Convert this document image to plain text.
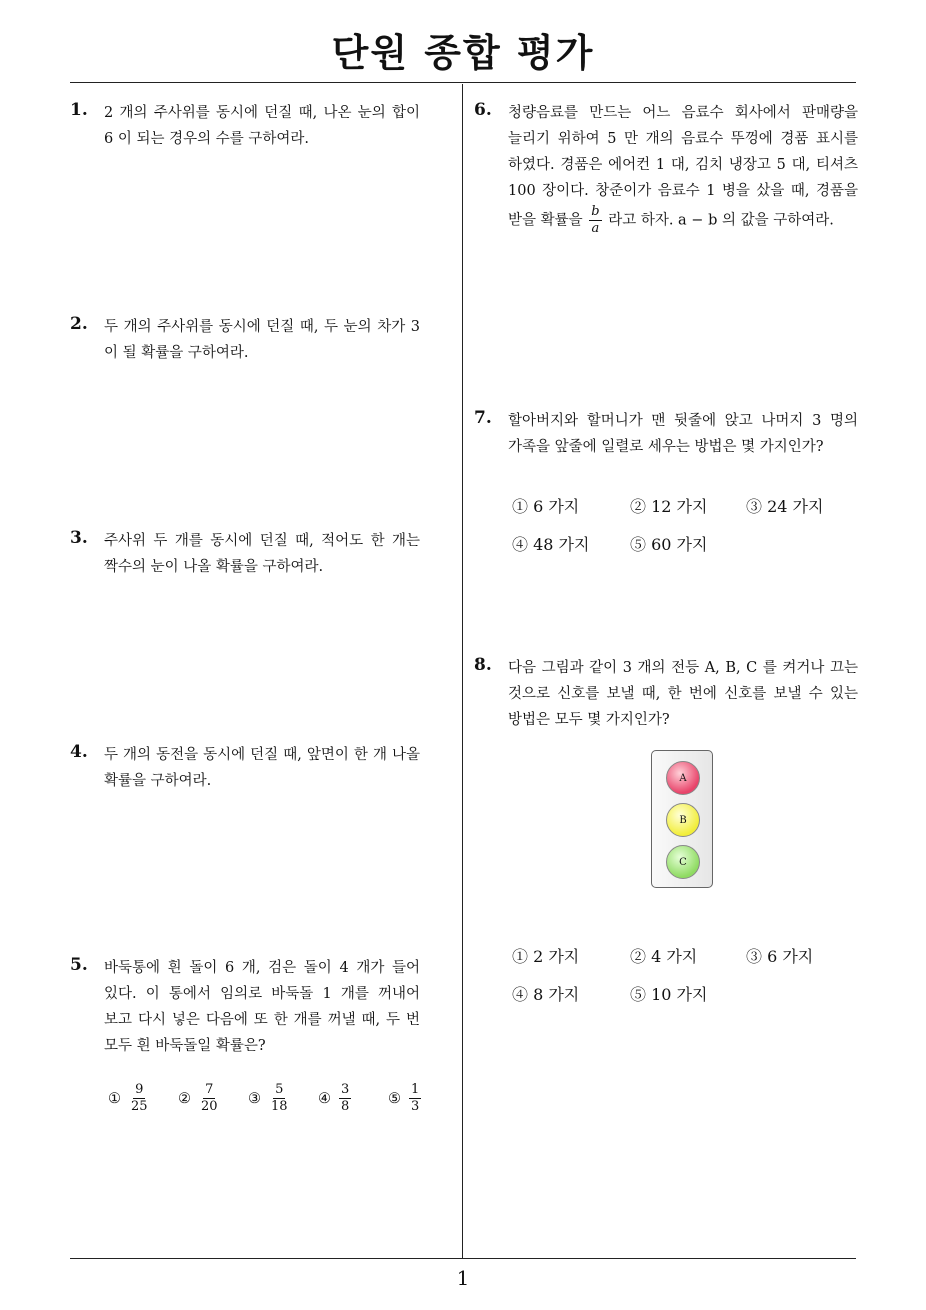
단원 종합 평가
1
1. 2 개의 주사위를 동시에 던질 때, 나온 눈의 합이 6 이 되는 경우의 수를 구하여라.
2. 두 개의 주사위를 동시에 던질 때, 두 눈의 차가 3 이 될 확률을 구하여라.
3. 주사위 두 개를 동시에 던질 때, 적어도 한 개는 짝수의 눈이 나올 확률을 구하여라.
4. 두 개의 동전을 동시에 던질 때, 앞면이 한 개 나올 확률을 구하여라.
5. 바둑통에 흰 돌이 6 개, 검은 돌이 4 개가 들어 있다. 이 통에서 임의로 바둑돌 1 개를 꺼내어 보고 다시 넣은 다음에 또 한 개를 꺼낼 때, 두 번 모두 흰 바둑돌일 확률은?
① $\frac{9}{25}$ ② $\frac{7}{20}$ ③ $\frac{5}{18}$ ④ $\frac{3}{8}$	⑤ $\frac{1}{3}$
6. 청량음료를 만드는 어느 음료수 회사에서 판매량을 늘리기 위하여 5 만 개의 음료수 뚜껑에 경품 표시를 하였다. 경품은 에어컨 1 대, 김치 냉장고 5 대, 티셔츠 100 장이다. 창준이가 음료수 1 병을 샀을 때, 경품을 받을 확률을 $\frac{b}{a}$ 라고 하자. a − b 의 값을 구하여라.
7. 할아버지와 할머니가 맨 뒷줄에 앉고 나머지 3 명의 가족을 앞줄에 일렬로 세우는 방법은 몇 가지인가?
① 6 가지	② 12 가지 ③ 24 가지
④ 48 가지	⑤ 60 가지
8. 다음 그림과 같이 3 개의 전등 A, B, C 를 켜거나 끄는 것으로 신호를 보낼 때, 한 번에 신호를 보낼 수 있는 방법은 모두 몇 가지인가?
A
B
C
① 2 가지	② 4 가지	③ 6 가지
④ 8 가지	⑤ 10 가지
